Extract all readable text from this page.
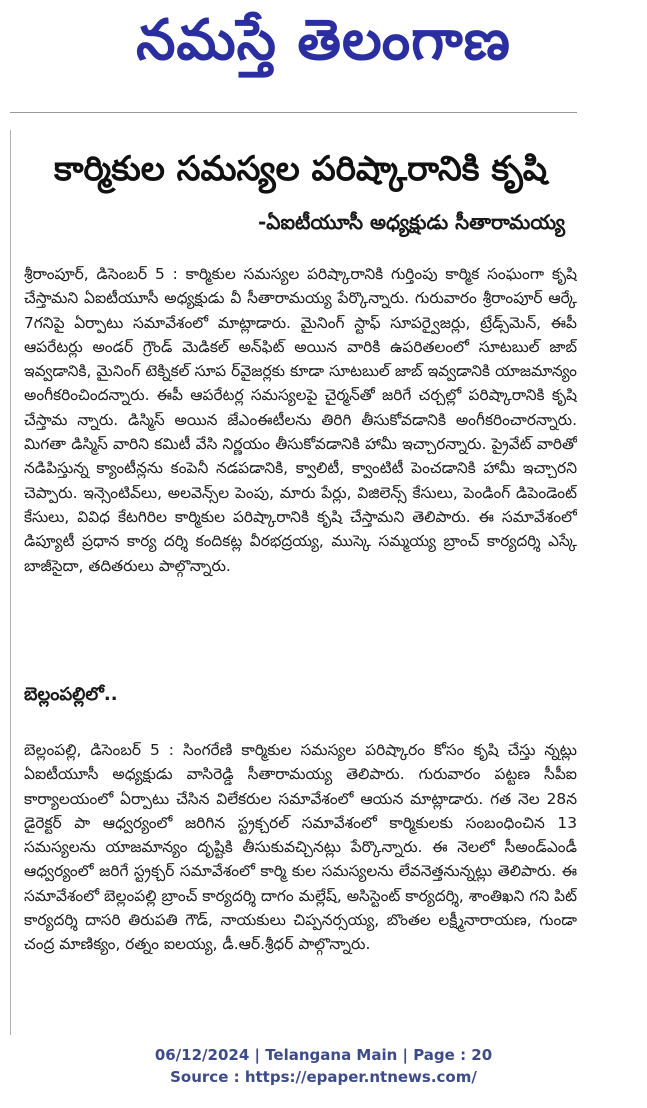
నమస్తే తెలంగాణ
కార్మికుల సమస్యల పరిష్కారానికి కృషి
-ఏఐటీయూసీ అధ్యక్షుడు సీతారామయ్య
శ్రీరాంపూర్, డిసెంబర్ 5 : కార్మికుల సమస్యల పరిష్కారానికి గుర్తింపు కార్మిక సంఘంగా కృషి చేస్తామని ఏఐటీయూసీ అధ్యక్షుడు వీ సీతారామయ్య పేర్కొన్నారు. గురువారం శ్రీరాంపూర్ ఆర్కే 7గనిపై ఏర్పాటు సమావేశంలో మాట్లాడారు. మైనింగ్ స్టాఫ్ సూపర్వైజర్లు, ట్రేడ్స్‌మెన్, ఈపీ ఆపరేటర్లు అండర్ గ్రౌండ్ మెడికల్ అన్‌ఫిట్ అయిన వారికి ఉపరితలంలో సూటబుల్ జాబ్ ఇవ్వడానికి, మైనింగ్ టెక్నికల్ సూప ర్‌వైజర్లకు కూడా సూటబుల్ జాబ్ ఇవ్వడానికి యాజమాన్యం అంగీకరించిందన్నారు. ఈపీ ఆపరేటర్ల సమస్యలపై చైర్మన్‌తో జరిగే చర్చల్లో పరిష్కారానికి కృషి చేస్తామ న్నారు. డిస్మిస్ అయిన జేఎంఈటీలను తిరిగి తీసుకోవడానికి అంగీకరించారన్నారు. మిగతా డిస్మిస్ వారిని కమిటీ వేసి నిర్ణయం తీసుకోవడానికి హామీ ఇచ్చారన్నారు. ప్రైవేట్ వారితో నడిపిస్తున్న క్యాంటీన్లను కంపెనీ నడపడానికి, క్వాలిటీ, క్వాంటిటీ పెంచడానికి హామీ ఇచ్చారని చెప్పారు. ఇన్సెంటివ్‌లు, అలవెన్స్‌ల పెంపు, మారు పేర్లు, విజిలెన్స్ కేసులు, పెండింగ్ డిపెండెంట్ కేసులు, వివిధ కేటగిరిల కార్మికుల పరిష్కారానికి కృషి చేస్తామని తెలిపారు. ఈ సమావేశంలో డిప్యూటీ ప్రధాన కార్య దర్శి కందికట్ల వీరభద్రయ్య, ముస్కె సమ్మయ్య బ్రాంచ్ కార్యదర్శి ఎస్కే బాజీసైదా, తదితరులు పాల్గొన్నారు.
బెల్లంపల్లిలో..
బెల్లంపల్లి, డిసెంబర్ 5 : సింగరేణి కార్మికుల సమస్యల పరిష్కారం కోసం కృషి చేస్తు న్నట్లు ఏఐటీయూసీ అధ్యక్షుడు వాసిరెడ్డి సీతారామయ్య తెలిపారు. గురువారం పట్టణ సీపీఐ కార్యాలయంలో ఏర్పాటు చేసిన విలేకరుల సమావేశంలో ఆయన మాట్లాడారు. గత నెల 28న డైరెక్టర్ పా ఆధ్వర్యంలో జరిగిన స్ట్రక్చరల్ సమావేశంలో కార్మికులకు సంబంధించిన 13 సమస్యలను యాజమాన్యం దృష్టికి తీసుకువచ్చినట్లు పేర్కొన్నారు. ఈ నెలలో సీఅండ్ఎండీ ఆధ్వర్యంలో జరిగే స్ట్రక్చర్ సమావేశంలో కార్మి కుల సమస్యలను లేవనెత్తనున్నట్లు తెలిపారు. ఈ సమావేశంలో బెల్లంపల్లి బ్రాంచ్ కార్యదర్శి దాగం మల్లేష్, అసిస్టెంట్ కార్యదర్శి, శాంతిఖని గని పిట్ కార్యదర్శి దాసరి తిరుపతి గౌడ్, నాయకులు చిప్పనర్సయ్య, బొంతల లక్ష్మీనారాయణ, గుండా చంద్ర మాణిక్యం, రత్నం ఐలయ్య, డీ.ఆర్.శ్రీధర్ పాల్గొన్నారు.
06/12/2024 | Telangana Main | Page : 20
Source : https://epaper.ntnews.com/
